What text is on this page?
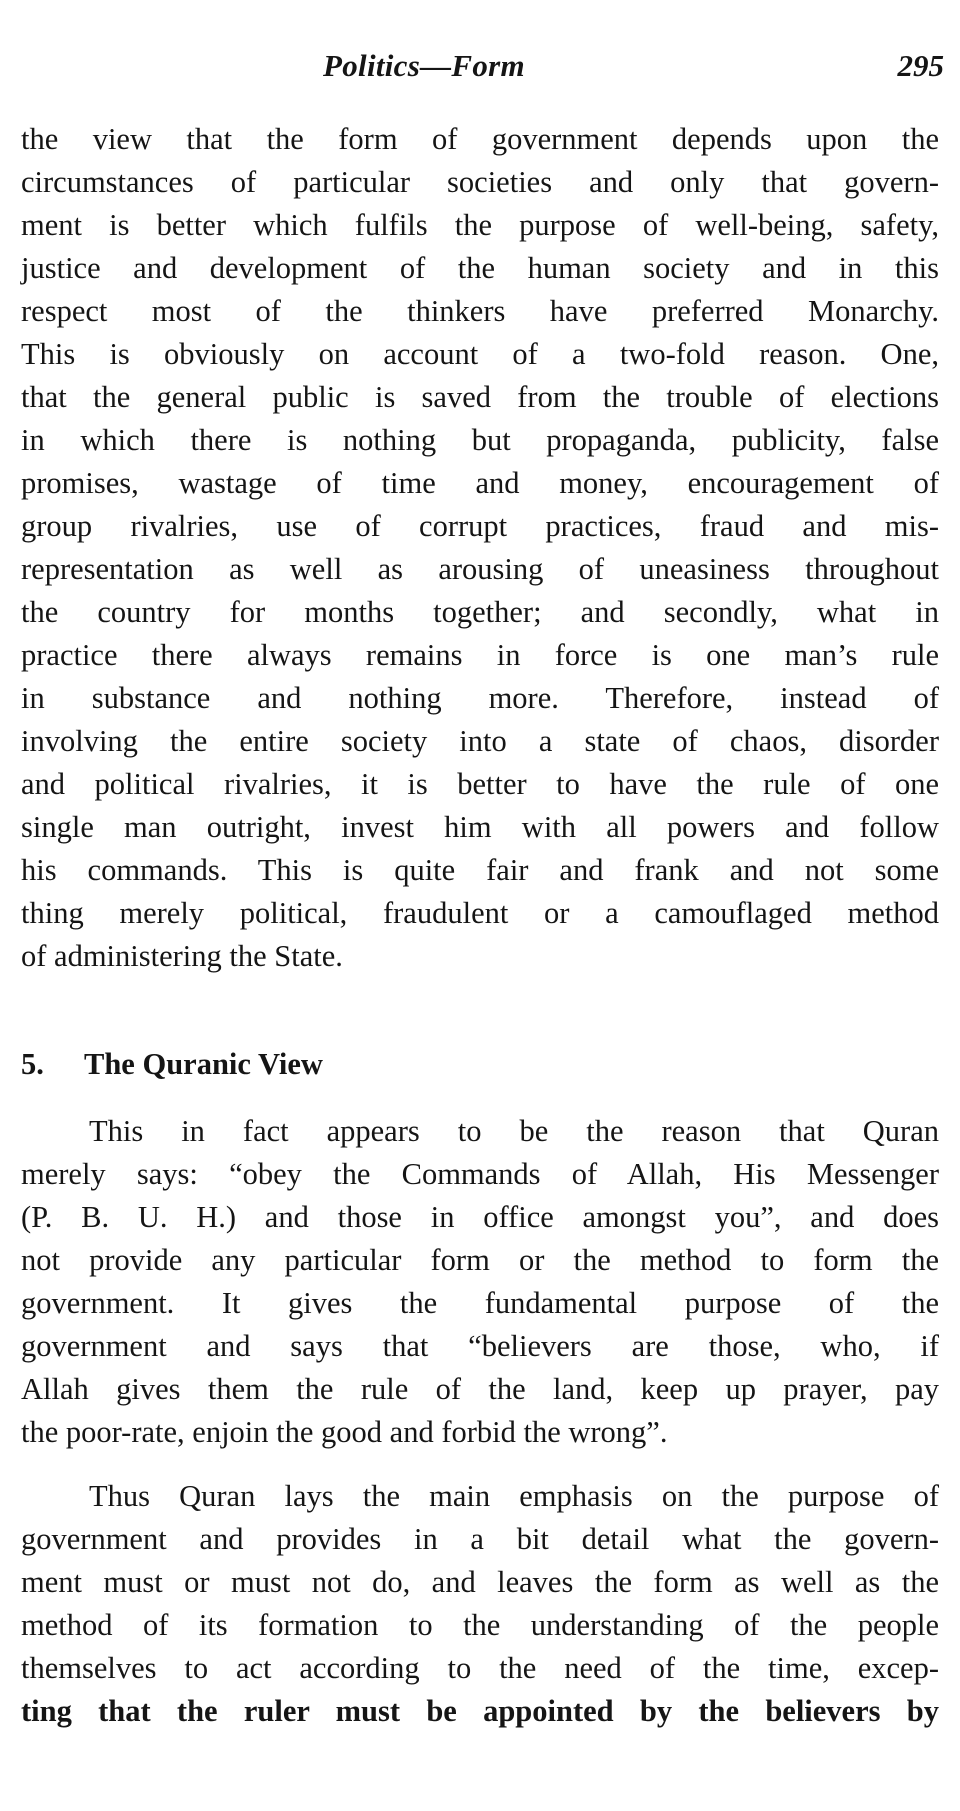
Politics—Form	295
the view that the form of government depends upon the
circumstances of particular societies and only that govern-
ment is better which fulfils the purpose of well-being, safety,
justice and development of the human society and in this
respect most of the thinkers have preferred Monarchy.
This is obviously on account of a two-fold reason. One,
that the general public is saved from the trouble of elections
in which there is nothing but propaganda, publicity, false
promises, wastage of time and money, encouragement of
group rivalries, use of corrupt practices, fraud and mis-
representation as well as arousing of uneasiness throughout
the country for months together; and secondly, what in
practice there always remains in force is one man’s rule
in substance and nothing more. Therefore, instead of
involving the entire society into a state of chaos, disorder
and political rivalries, it is better to have the rule of one
single man outright, invest him with all powers and follow
his commands. This is quite fair and frank and not some
thing merely political, fraudulent or a camouflaged method
of administering the State.
5. The Quranic View
This in fact appears to be the reason that Quran
merely says: “obey the Commands of Allah, His Messenger
(P. B. U. H.) and those in office amongst you”, and does
not provide any particular form or the method to form the
government. It gives the fundamental purpose of the
government and says that “believers are those, who, if
Allah gives them the rule of the land, keep up prayer, pay
the poor-rate, enjoin the good and forbid the wrong”.
Thus Quran lays the main emphasis on the purpose of
government and provides in a bit detail what the govern-
ment must or must not do, and leaves the form as well as the
method of its formation to the understanding of the people
themselves to act according to the need of the time, excep-
ting that the ruler must be appointed by the believers by
